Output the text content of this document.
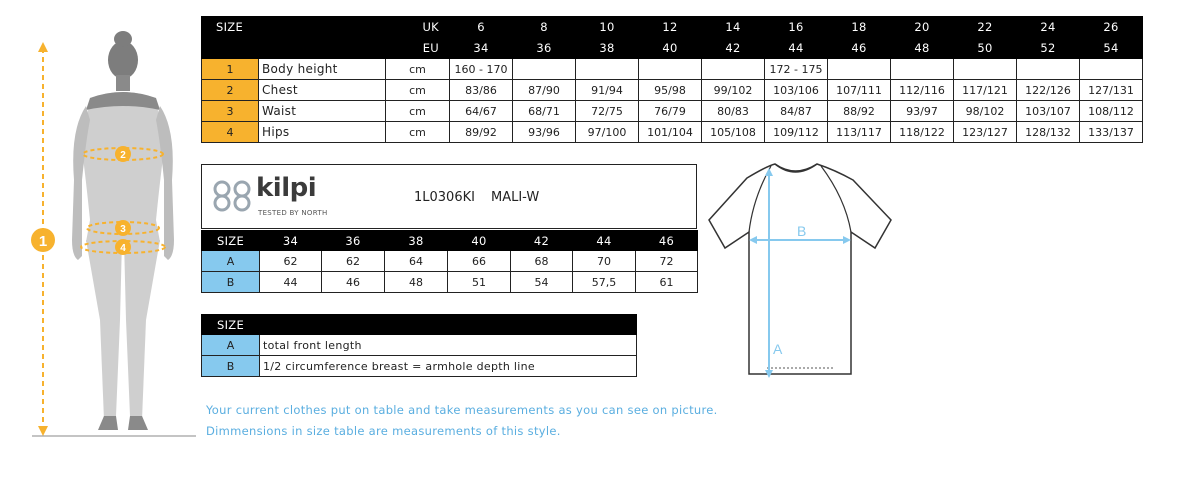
1
2
3
4
SIZE		UK	6	8	10	12	14	16	18	20	22	24	26
		EU	34	36	38	40	42	44	46	48	50	52	54
1	Body height	cm	160 - 170					172 - 175					
2	Chest	cm	83/86	87/90	91/94	95/98	99/102	103/106	107/111	112/116	117/121	122/126	127/131
3	Waist	cm	64/67	68/71	72/75	76/79	80/83	84/87	88/92	93/97	98/102	103/107	108/112
4	Hips	cm	89/92	93/96	97/100	101/104	105/108	109/112	113/117	118/122	123/127	128/132	133/137
kilpi
TESTED BY NORTH
1L0306KI MALI-W
SIZE	34	36	38	40	42	44	46
A	62	62	64	66	68	70	72
B	44	46	48	51	54	57,5	61
SIZE	
A	total front length
B	1/2 circumference breast = armhole depth line
B
A
Your current clothes put on table and take measurements as you can see on picture.
Dimmensions in size table are measurements of this style.
